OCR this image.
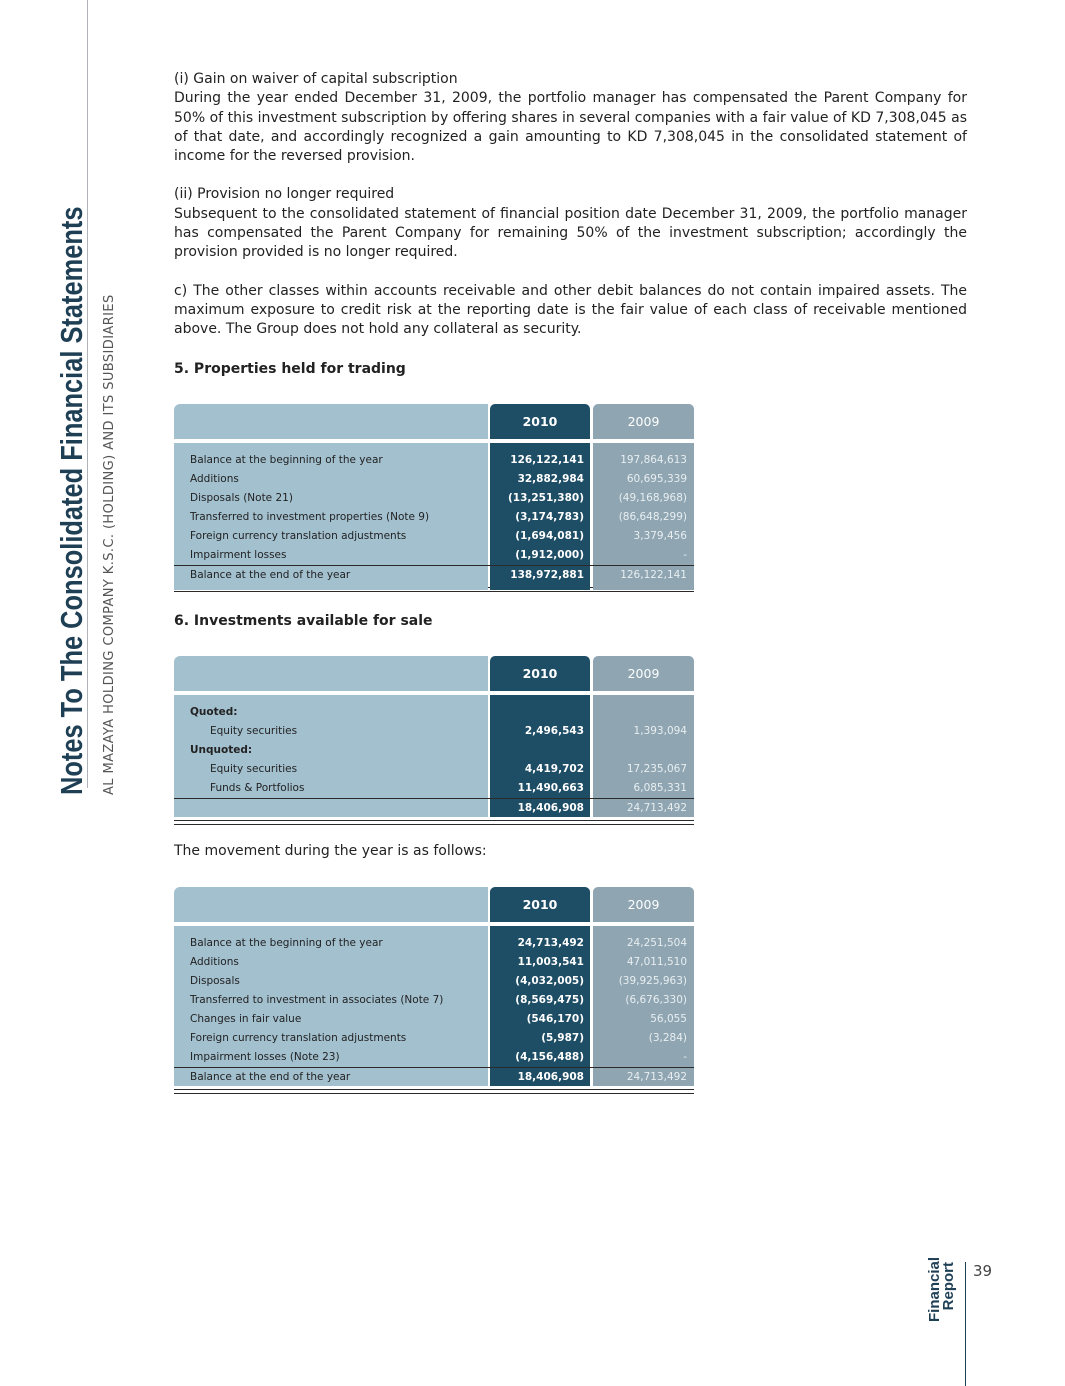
Notes To The Consolidated Financial Statements AL MAZAYA HOLDING COMPANY K.S.C. (HOLDING) AND ITS SUBSIDIARIES

(i) Gain on waiver of capital subscription

During the year ended December 31, 2009, the portfolio manager has compensated the Parent Company for 50% of this investment subscription by offering shares in several companies with a fair value of KD 7,308,045 as of that date, and accordingly recognized a gain amounting to KD 7,308,045 in the consolidated statement of income for the reversed provision.

(ii) Provision no longer required

Subsequent to the consolidated statement of financial position date December 31, 2009, the portfolio manager has compensated the Parent Company for remaining 50% of the investment subscription; accordingly the provision provided is no longer required.

c) The other classes within accounts receivable and other debit balances do not contain impaired assets. The maximum exposure to credit risk at the reporting date is the fair value of each class of receivable mentioned above. The Group does not hold any collateral as security.

5. Properties held for trading
2010	2009
Balance at the beginning of the year	126,122,141	197,864,613
Additions	32,882,984	60,695,339
Disposals (Note 21)	(13,251,380)	(49,168,968)
Transferred to investment properties (Note 9)	(3,174,783)	(86,648,299)
Foreign currency translation adjustments	(1,694,081)	3,379,456
Impairment losses	(1,912,000)	-
Balance at the end of the year	138,972,881	126,122,141
6. Investments available for sale
2010	2009
Quoted:
Equity securities	2,496,543	1,393,094
Unquoted:
Equity securities	4,419,702	17,235,067
Funds & Portfolios	11,490,663	6,085,331
18,406,908	24,713,492
The movement during the year is as follows:
2010	2009
Balance at the beginning of the year	24,713,492	24,251,504
Additions	11,003,541	47,011,510
Disposals	(4,032,005)	(39,925,963)
Transferred to investment in associates (Note 7)	(8,569,475)	(6,676,330)
Changes in fair value	(546,170)	56,055
Foreign currency translation adjustments	(5,987)	(3,284)
Impairment losses (Note 23)	(4,156,488)	-
Balance at the end of the year	18,406,908	24,713,492
Financial
Report 39
